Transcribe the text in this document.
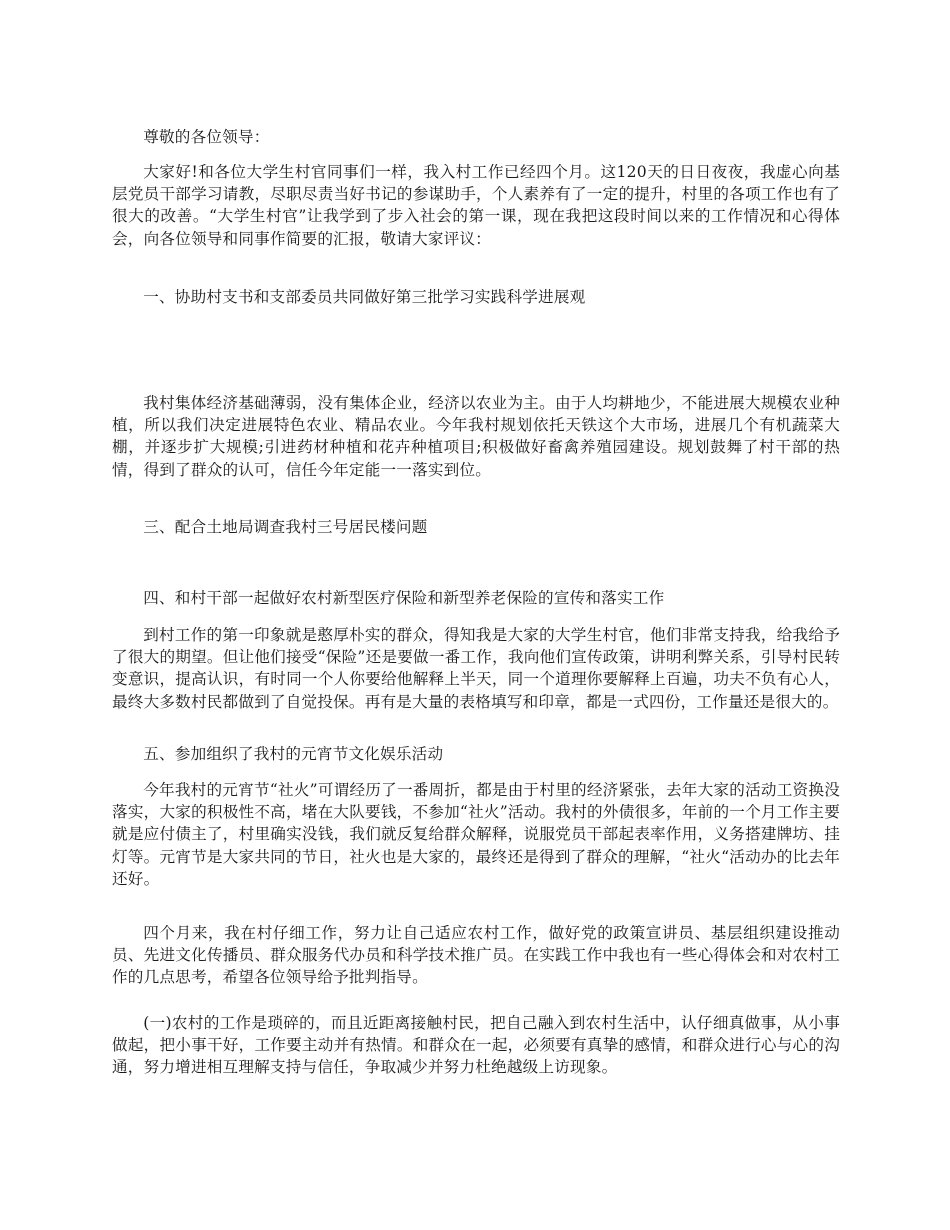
尊敬的各位领导：

大家好!和各位大学生村官同事们一样，我入村工作已经四个月。这120天的日日夜夜，我虚心向基层党员干部学习请教，尽职尽责当好书记的参谋助手，个人素养有了一定的提升，村里的各项工作也有了很大的改善。“大学生村官”让我学到了步入社会的第一课，现在我把这段时间以来的工作情况和心得体会，向各位领导和同事作简要的汇报，敬请大家评议：

一、协助村支书和支部委员共同做好第三批学习实践科学进展观

我村集体经济基础薄弱，没有集体企业，经济以农业为主。由于人均耕地少，不能进展大规模农业种植，所以我们决定进展特色农业、精品农业。今年我村规划依托天铁这个大市场，进展几个有机蔬菜大棚，并逐步扩大规模;引进药材种植和花卉种植项目;积极做好畜禽养殖园建设。规划鼓舞了村干部的热情，得到了群众的认可，信任今年定能一一落实到位。

三、配合土地局调查我村三号居民楼问题

四、和村干部一起做好农村新型医疗保险和新型养老保险的宣传和落实工作

到村工作的第一印象就是憨厚朴实的群众，得知我是大家的大学生村官，他们非常支持我，给我给予了很大的期望。但让他们接受“保险”还是要做一番工作，我向他们宣传政策，讲明利弊关系，引导村民转变意识，提高认识，有时同一个人你要给他解释上半天，同一个道理你要解释上百遍，功夫不负有心人，最终大多数村民都做到了自觉投保。再有是大量的表格填写和印章，都是一式四份，工作量还是很大的。

五、参加组织了我村的元宵节文化娱乐活动

今年我村的元宵节“社火”可谓经历了一番周折，都是由于村里的经济紧张，去年大家的活动工资换没落实，大家的积极性不高，堵在大队要钱，不参加“社火”活动。我村的外债很多，年前的一个月工作主要就是应付债主了，村里确实没钱，我们就反复给群众解释，说服党员干部起表率作用，义务搭建牌坊、挂灯等。元宵节是大家共同的节日，社火也是大家的，最终还是得到了群众的理解，“社火“活动办的比去年还好。

四个月来，我在村仔细工作，努力让自己适应农村工作，做好党的政策宣讲员、基层组织建设推动员、先进文化传播员、群众服务代办员和科学技术推广员。在实践工作中我也有一些心得体会和对农村工作的几点思考，希望各位领导给予批判指导。

(一)农村的工作是琐碎的，而且近距离接触村民，把自己融入到农村生活中，认仔细真做事，从小事做起，把小事干好，工作要主动并有热情。和群众在一起，必须要有真挚的感情，和群众进行心与心的沟通，努力增进相互理解支持与信任，争取减少并努力杜绝越级上访现象。
